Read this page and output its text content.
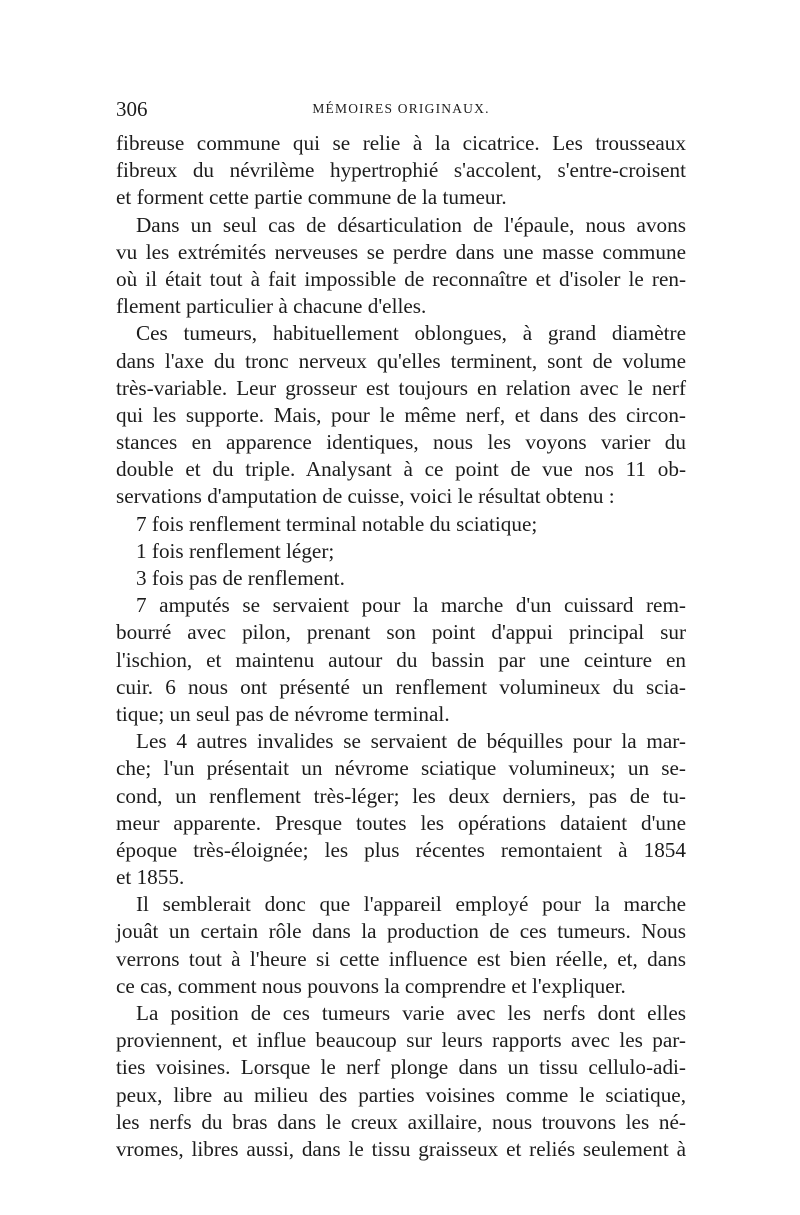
306	MÉMOIRES ORIGINAUX.
fibreuse commune qui se relie à la cicatrice. Les trousseaux
fibreux du névrilème hypertrophié s'accolent, s'entre-croisent
et forment cette partie commune de la tumeur.
Dans un seul cas de désarticulation de l'épaule, nous avons
vu les extrémités nerveuses se perdre dans une masse commune
où il était tout à fait impossible de reconnaître et d'isoler le ren-
flement particulier à chacune d'elles.
Ces tumeurs, habituellement oblongues, à grand diamètre
dans l'axe du tronc nerveux qu'elles terminent, sont de volume
très-variable. Leur grosseur est toujours en relation avec le nerf
qui les supporte. Mais, pour le même nerf, et dans des circon-
stances en apparence identiques, nous les voyons varier du
double et du triple. Analysant à ce point de vue nos 11 ob-
servations d'amputation de cuisse, voici le résultat obtenu :
7 fois renflement terminal notable du sciatique;
1 fois renflement léger;
3 fois pas de renflement.
7 amputés se servaient pour la marche d'un cuissard rem-
bourré avec pilon, prenant son point d'appui principal sur
l'ischion, et maintenu autour du bassin par une ceinture en
cuir. 6 nous ont présenté un renflement volumineux du scia-
tique; un seul pas de névrome terminal.
Les 4 autres invalides se servaient de béquilles pour la mar-
che; l'un présentait un névrome sciatique volumineux; un se-
cond, un renflement très-léger; les deux derniers, pas de tu-
meur apparente. Presque toutes les opérations dataient d'une
époque très-éloignée; les plus récentes remontaient à 1854
et 1855.
Il semblerait donc que l'appareil employé pour la marche
jouât un certain rôle dans la production de ces tumeurs. Nous
verrons tout à l'heure si cette influence est bien réelle, et, dans
ce cas, comment nous pouvons la comprendre et l'expliquer.
La position de ces tumeurs varie avec les nerfs dont elles
proviennent, et influe beaucoup sur leurs rapports avec les par-
ties voisines. Lorsque le nerf plonge dans un tissu cellulo-adi-
peux, libre au milieu des parties voisines comme le sciatique,
les nerfs du bras dans le creux axillaire, nous trouvons les né-
vromes, libres aussi, dans le tissu graisseux et reliés seulement à
